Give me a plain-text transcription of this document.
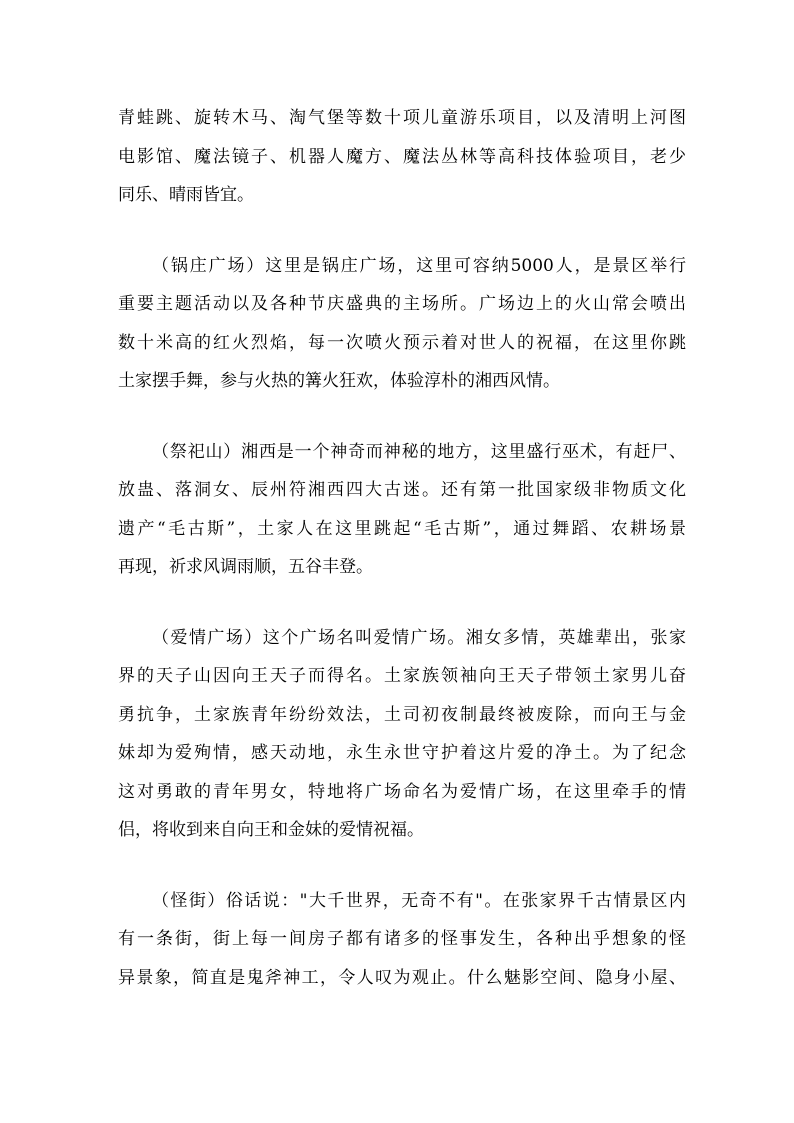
青蛙跳、旋转木马、淘气堡等数十项儿童游乐项目，以及清明上河图
电影馆、魔法镜子、机器人魔方、魔法丛林等高科技体验项目，老少
同乐、晴雨皆宜。
（锅庄广场）这里是锅庄广场，这里可容纳5000人，是景区举行
重要主题活动以及各种节庆盛典的主场所。广场边上的火山常会喷出
数十米高的红火烈焰，每一次喷火预示着对世人的祝福，在这里你跳
土家摆手舞，参与火热的篝火狂欢，体验淳朴的湘西风情。
（祭祀山）湘西是一个神奇而神秘的地方，这里盛行巫术，有赶尸、
放蛊、落洞女、辰州符湘西四大古迷。还有第一批国家级非物质文化
遗产“毛古斯”，土家人在这里跳起“毛古斯”，通过舞蹈、农耕场景
再现，祈求风调雨顺，五谷丰登。
（爱情广场）这个广场名叫爱情广场。湘女多情，英雄辈出，张家
界的天子山因向王天子而得名。土家族领袖向王天子带领土家男儿奋
勇抗争，土家族青年纷纷效法，土司初夜制最终被废除，而向王与金
妹却为爱殉情，感天动地，永生永世守护着这片爱的净土。为了纪念
这对勇敢的青年男女，特地将广场命名为爱情广场，在这里牵手的情
侣，将收到来自向王和金妹的爱情祝福。
（怪街）俗话说："大千世界，无奇不有"。在张家界千古情景区内
有一条街，街上每一间房子都有诸多的怪事发生，各种出乎想象的怪
异景象，简直是鬼斧神工，令人叹为观止。什么魅影空间、隐身小屋、
